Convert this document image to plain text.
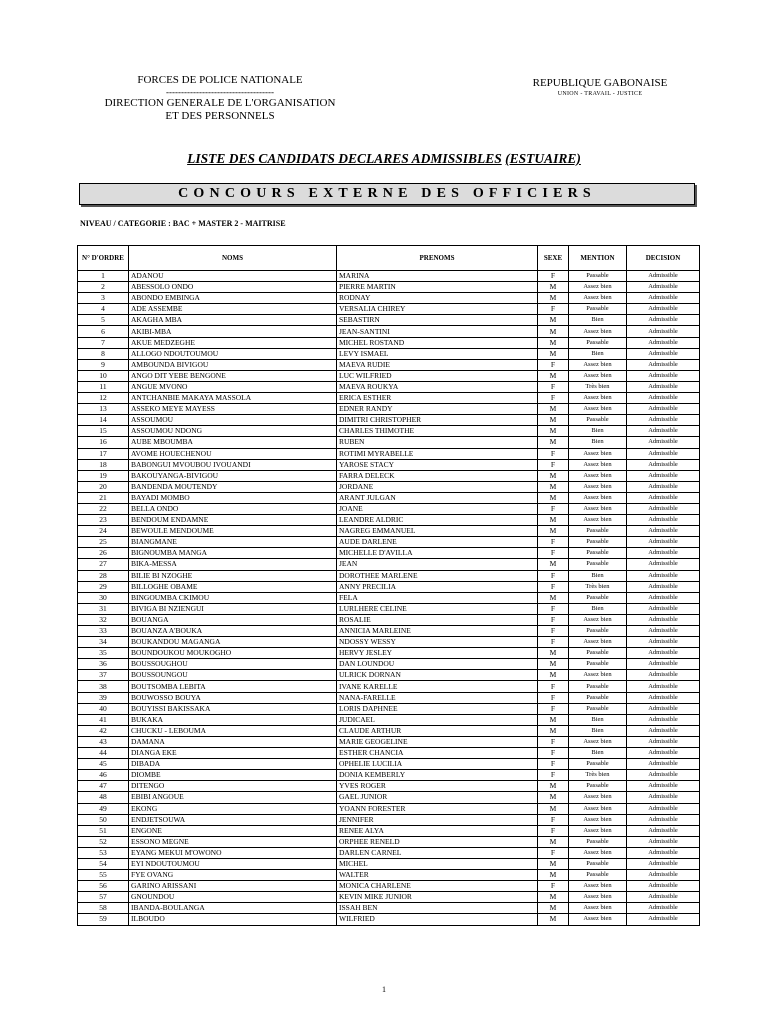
FORCES DE POLICE NATIONALE
------------------------------------
DIRECTION GENERALE DE L'ORGANISATION
ET DES PERSONNELS
REPUBLIQUE GABONAISE
UNION - TRAVAIL - JUSTICE
LISTE DES CANDIDATS DECLARES ADMISSIBLES (ESTUAIRE)
CONCOURS EXTERNE DES OFFICIERS
NIVEAU / CATEGORIE : BAC + MASTER 2 - MAITRISE
N° D'ORDRE	NOMS	PRENOMS	SEXE	MENTION	DECISION
1	ADANOU	MARINA	F	Passable	Admissible
2	ABESSOLO ONDO	PIERRE MARTIN	M	Assez bien	Admissible
3	ABONDO EMBINGA	RODNAY	M	Assez bien	Admissible
4	ADE ASSEMBE	VERSALIA CHIREY	F	Passable	Admissible
5	AKAGHA MBA	SEBASTIRN	M	Bien	Admissible
6	AKIBI-MBA	JEAN-SANTINI	M	Assez bien	Admissible
7	AKUE MEDZEGHE	MICHEL ROSTAND	M	Passable	Admissible
8	ALLOGO NDOUTOUMOU	LEVY ISMAEL	M	Bien	Admissible
9	AMBOUNDA BIVIGOU	MAEVA RUDIE	F	Assez bien	Admissible
10	ANGO DIT YEBE BENGONE	LUC WILFRIED	M	Assez bien	Admissible
11	ANGUE MVONO	MAEVA ROUKYA	F	Très bien	Admissible
12	ANTCHANBIE MAKAYA MASSOLA	ERICA ESTHER	F	Assez bien	Admissible
13	ASSEKO MEYE MAYESS	EDNER RANDY	M	Assez bien	Admissible
14	ASSOUMOU	DIMITRI CHRISTOPHER	M	Passable	Admissible
15	ASSOUMOU NDONG	CHARLES THIMOTHE	M	Bien	Admissible
16	AUBE MBOUMBA	RUBEN	M	Bien	Admissible
17	AVOME HOUECHENOU	ROTIMI MYRABELLE	F	Assez bien	Admissible
18	BABONGUI MVOUBOU IVOUANDI	YAROSE STACY	F	Assez bien	Admissible
19	BAKOUYANGA-BIVIGOU	FARRA DELECK	M	Assez bien	Admissible
20	BANDENDA MOUTENDY	JORDANE	M	Assez bien	Admissible
21	BAYADI MOMBO	ARANT JULGAN	M	Assez bien	Admissible
22	BELLA ONDO	JOANE	F	Assez bien	Admissible
23	BENDOUM ENDAMNE	LEANDRE ALDRIC	M	Assez bien	Admissible
24	BEWOULE MENDOUME	NAGREG EMMANUEL	M	Passable	Admissible
25	BIANGMANE	AUDE DARLENE	F	Passable	Admissible
26	BIGNOUMBA MANGA	MICHELLE D'AVILLA	F	Passable	Admissible
27	BIKA-MESSA	JEAN	M	Passable	Admissible
28	BILIE BI NZOGHE	DOROTHEE MARLENE	F	Bien	Admissible
29	BILLOGHE OBAME	ANNY PRECILIA	F	Très bien	Admissible
30	BINGOUMBA CKIMOU	FELA	M	Passable	Admissible
31	BIVIGA BI NZIENGUI	LURLHERE CELINE	F	Bien	Admissible
32	BOUANGA	ROSALIE	F	Assez bien	Admissible
33	BOUANZA A'BOUKA	ANNICIA MARLEINE	F	Passable	Admissible
34	BOUKANDOU MAGANGA	NDOSSY WESSY	F	Assez bien	Admissible
35	BOUNDOUKOU MOUKOGHO	HERVY JESLEY	M	Passable	Admissible
36	BOUSSOUGHOU	DAN LOUNDOU	M	Passable	Admissible
37	BOUSSOUNGOU	ULRICK DORNAN	M	Assez bien	Admissible
38	BOUTSOMBA LEBITA	IVANE KARELLE	F	Passable	Admissible
39	BOUWOSSO BOUYA	NANA-FARELLE	F	Passable	Admissible
40	BOUYISSI BAKISSAKA	LORIS DAPHNEE	F	Passable	Admissible
41	BUKAKA	JUDICAEL	M	Bien	Admissible
42	CHUCKU - LEBOUMA	CLAUDE ARTHUR	M	Bien	Admissible
43	DAMANA	MARIE GEOGELINE	F	Assez bien	Admissible
44	DIANGA EKE	ESTHER CHANCIA	F	Bien	Admissible
45	DIBADA	OPHELIE LUCILIA	F	Passable	Admissible
46	DIOMBE	DONIA KEMBERLY	F	Très bien	Admissible
47	DITENGO	YVES ROGER	M	Passable	Admissible
48	EBIBI ANGOUE	GAEL JUNIOR	M	Assez bien	Admissible
49	EKONG	YOANN FORESTER	M	Assez bien	Admissible
50	ENDJETSOUWA	JENNIFER	F	Assez bien	Admissible
51	ENGONE	RENEE ALYA	F	Assez bien	Admissible
52	ESSONO MEGNE	ORPHEE RENELD	M	Passable	Admissible
53	EYANG MEKUI M'OWONO	DARLEN CARNEL	F	Assez bien	Admissible
54	EYI NDOUTOUMOU	MICHEL	M	Passable	Admissible
55	FYE OVANG	WALTER	M	Passable	Admissible
56	GARINO ARISSANI	MONICA CHARLENE	F	Assez bien	Admissible
57	GNOUNDOU	KEVIN MIKE JUNIOR	M	Assez bien	Admissible
58	IBANDA-BOULANGA	ISSAH BEN	M	Assez bien	Admissible
59	ILBOUDO	WILFRIED	M	Assez bien	Admissible
1
